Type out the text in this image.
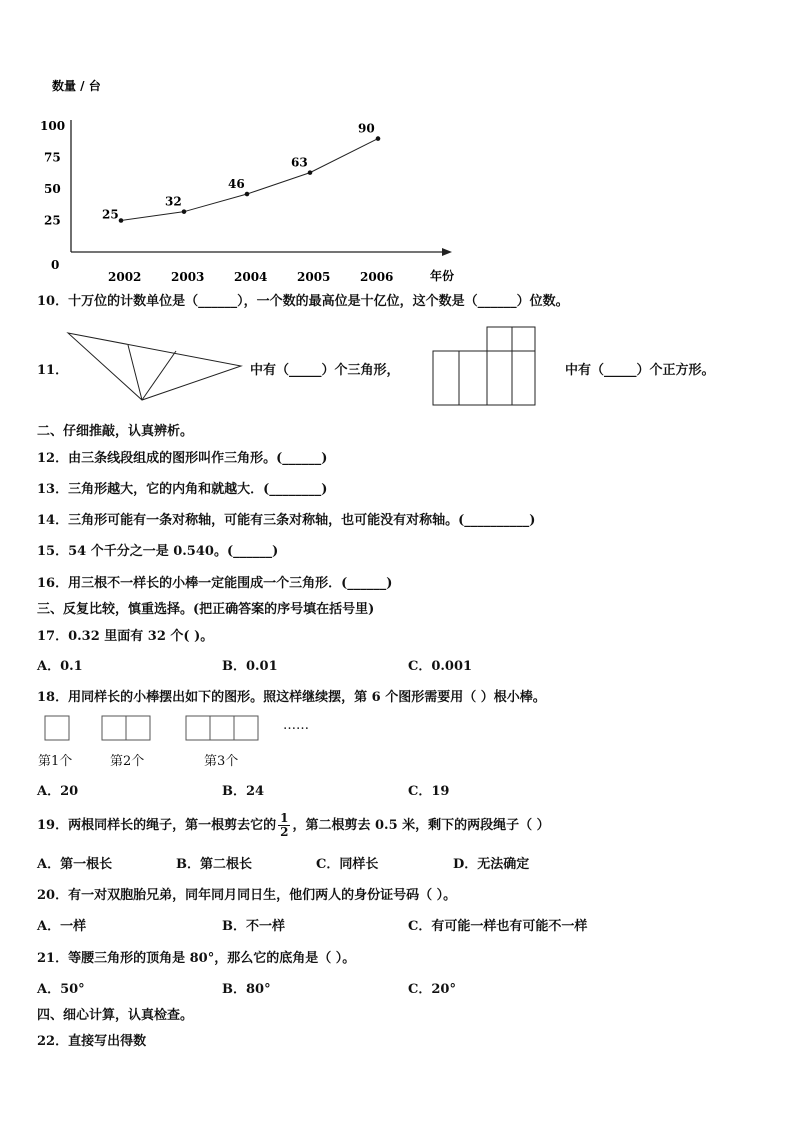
数量 / 台
年份
0
25
50
75
100
2002 2003 2004 2005 2006
25
32
46
63
90
10．十万位的计数单位是（______），一个数的最高位是十亿位，这个数是（______）位数。
11．	中有（_____）个三角形，	中有（_____）个正方形。
二、仔细推敲，认真辨析。
12．由三条线段组成的图形叫作三角形。(______)
13．三角形越大，它的内角和就越大．(________)
14．三角形可能有一条对称轴，可能有三条对称轴，也可能没有对称轴。(__________)
15．54 个千分之一是 0.540。(______)
16．用三根不一样长的小棒一定能围成一个三角形．(______)
三、反复比较，慎重选择。(把正确答案的序号填在括号里)
17．0.32 里面有 32 个( )。
A．0.1	B．0.01	C．0.001
18．用同样长的小棒摆出如下的图形。照这样继续摆，第 6 个图形需要用（ ）根小棒。
……
第1个	第2个	第3个
A．20	B．24	C．19
19．两根同样长的绳子，第一根剪去它的 $\frac{1}{2}$ ，第二根剪去 0.5 米，剩下的两段绳子（ ）
A．第一根长	B．第二根长	C．同样长	D．无法确定
20．有一对双胞胎兄弟，同年同月同日生，他们两人的身份证号码（ ）。
A．一样	B．不一样	C．有可能一样也有可能不一样
21．等腰三角形的顶角是 80°，那么它的底角是（ ）。
A．50°	B．80°	C．20°
四、细心计算，认真检查。
22．直接写出得数
